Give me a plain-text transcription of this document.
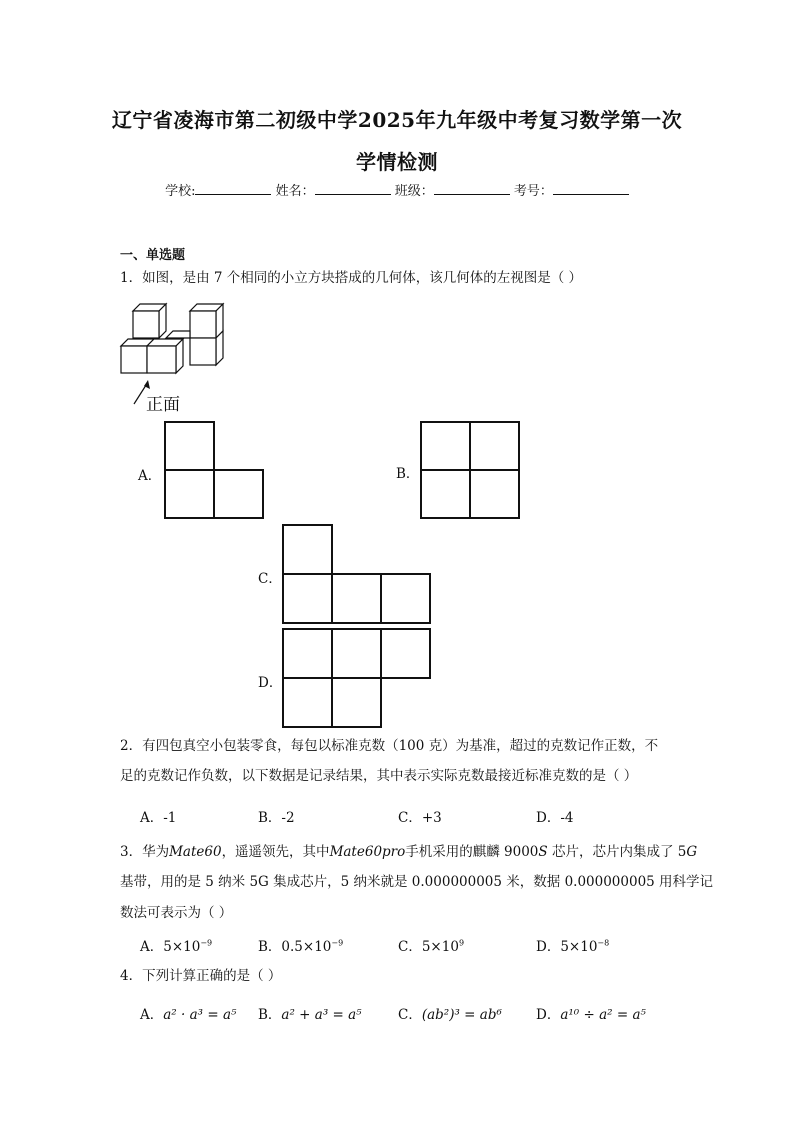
辽宁省凌海市第二初级中学2025年九年级中考复习数学第一次
学情检测
学校:	姓名：	班级：	考号：
一、单选题
1．如图，是由 7 个相同的小立方块搭成的几何体，该几何体的左视图是（ ）
正面
A．	B．
C．
D．
2．有四包真空小包装零食，每包以标准克数（100 克）为基准，超过的克数记作正数，不
足的克数记作负数，以下数据是记录结果，其中表示实际克数最接近标准克数的是（ ）
A．-1	B．-2	C．+3	D．-4
3．华为Mate60，遥遥领先，其中Mate60pro手机采用的麒麟 9000S 芯片，芯片内集成了 5G
基带，用的是 5 纳米 5G 集成芯片，5 纳米就是 0.000000005 米，数据 0.000000005 用科学记
数法可表示为（ ）
A．$5\times 10^{-9}$	B．$0.5\times 10^{-9}$	C．$5\times 10^9$	D．$5\times 10^{-8}$
4．下列计算正确的是（ ）
A．a² · a³ = a⁵ B．a² + a³ = a⁵	C．(ab²)³ = ab⁶	D．a¹⁰ ÷ a² = a⁵
